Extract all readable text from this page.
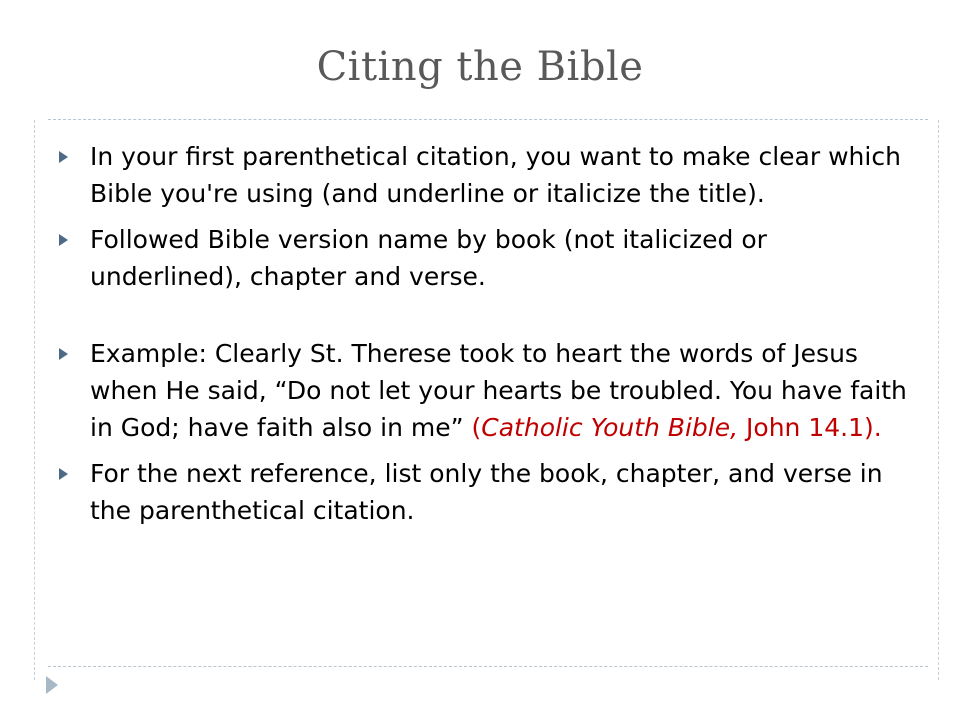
Citing the Bible
In your first parenthetical citation, you want to make clear which Bible you're using (and underline or italicize the title).
Followed Bible version name by book (not italicized or underlined), chapter and verse.
Example: Clearly St. Therese took to heart the words of Jesus when He said, “Do not let your hearts be troubled. You have faith in God; have faith also in me” (Catholic Youth Bible, John 14.1).
For the next reference, list only the book, chapter, and verse in the parenthetical citation.
